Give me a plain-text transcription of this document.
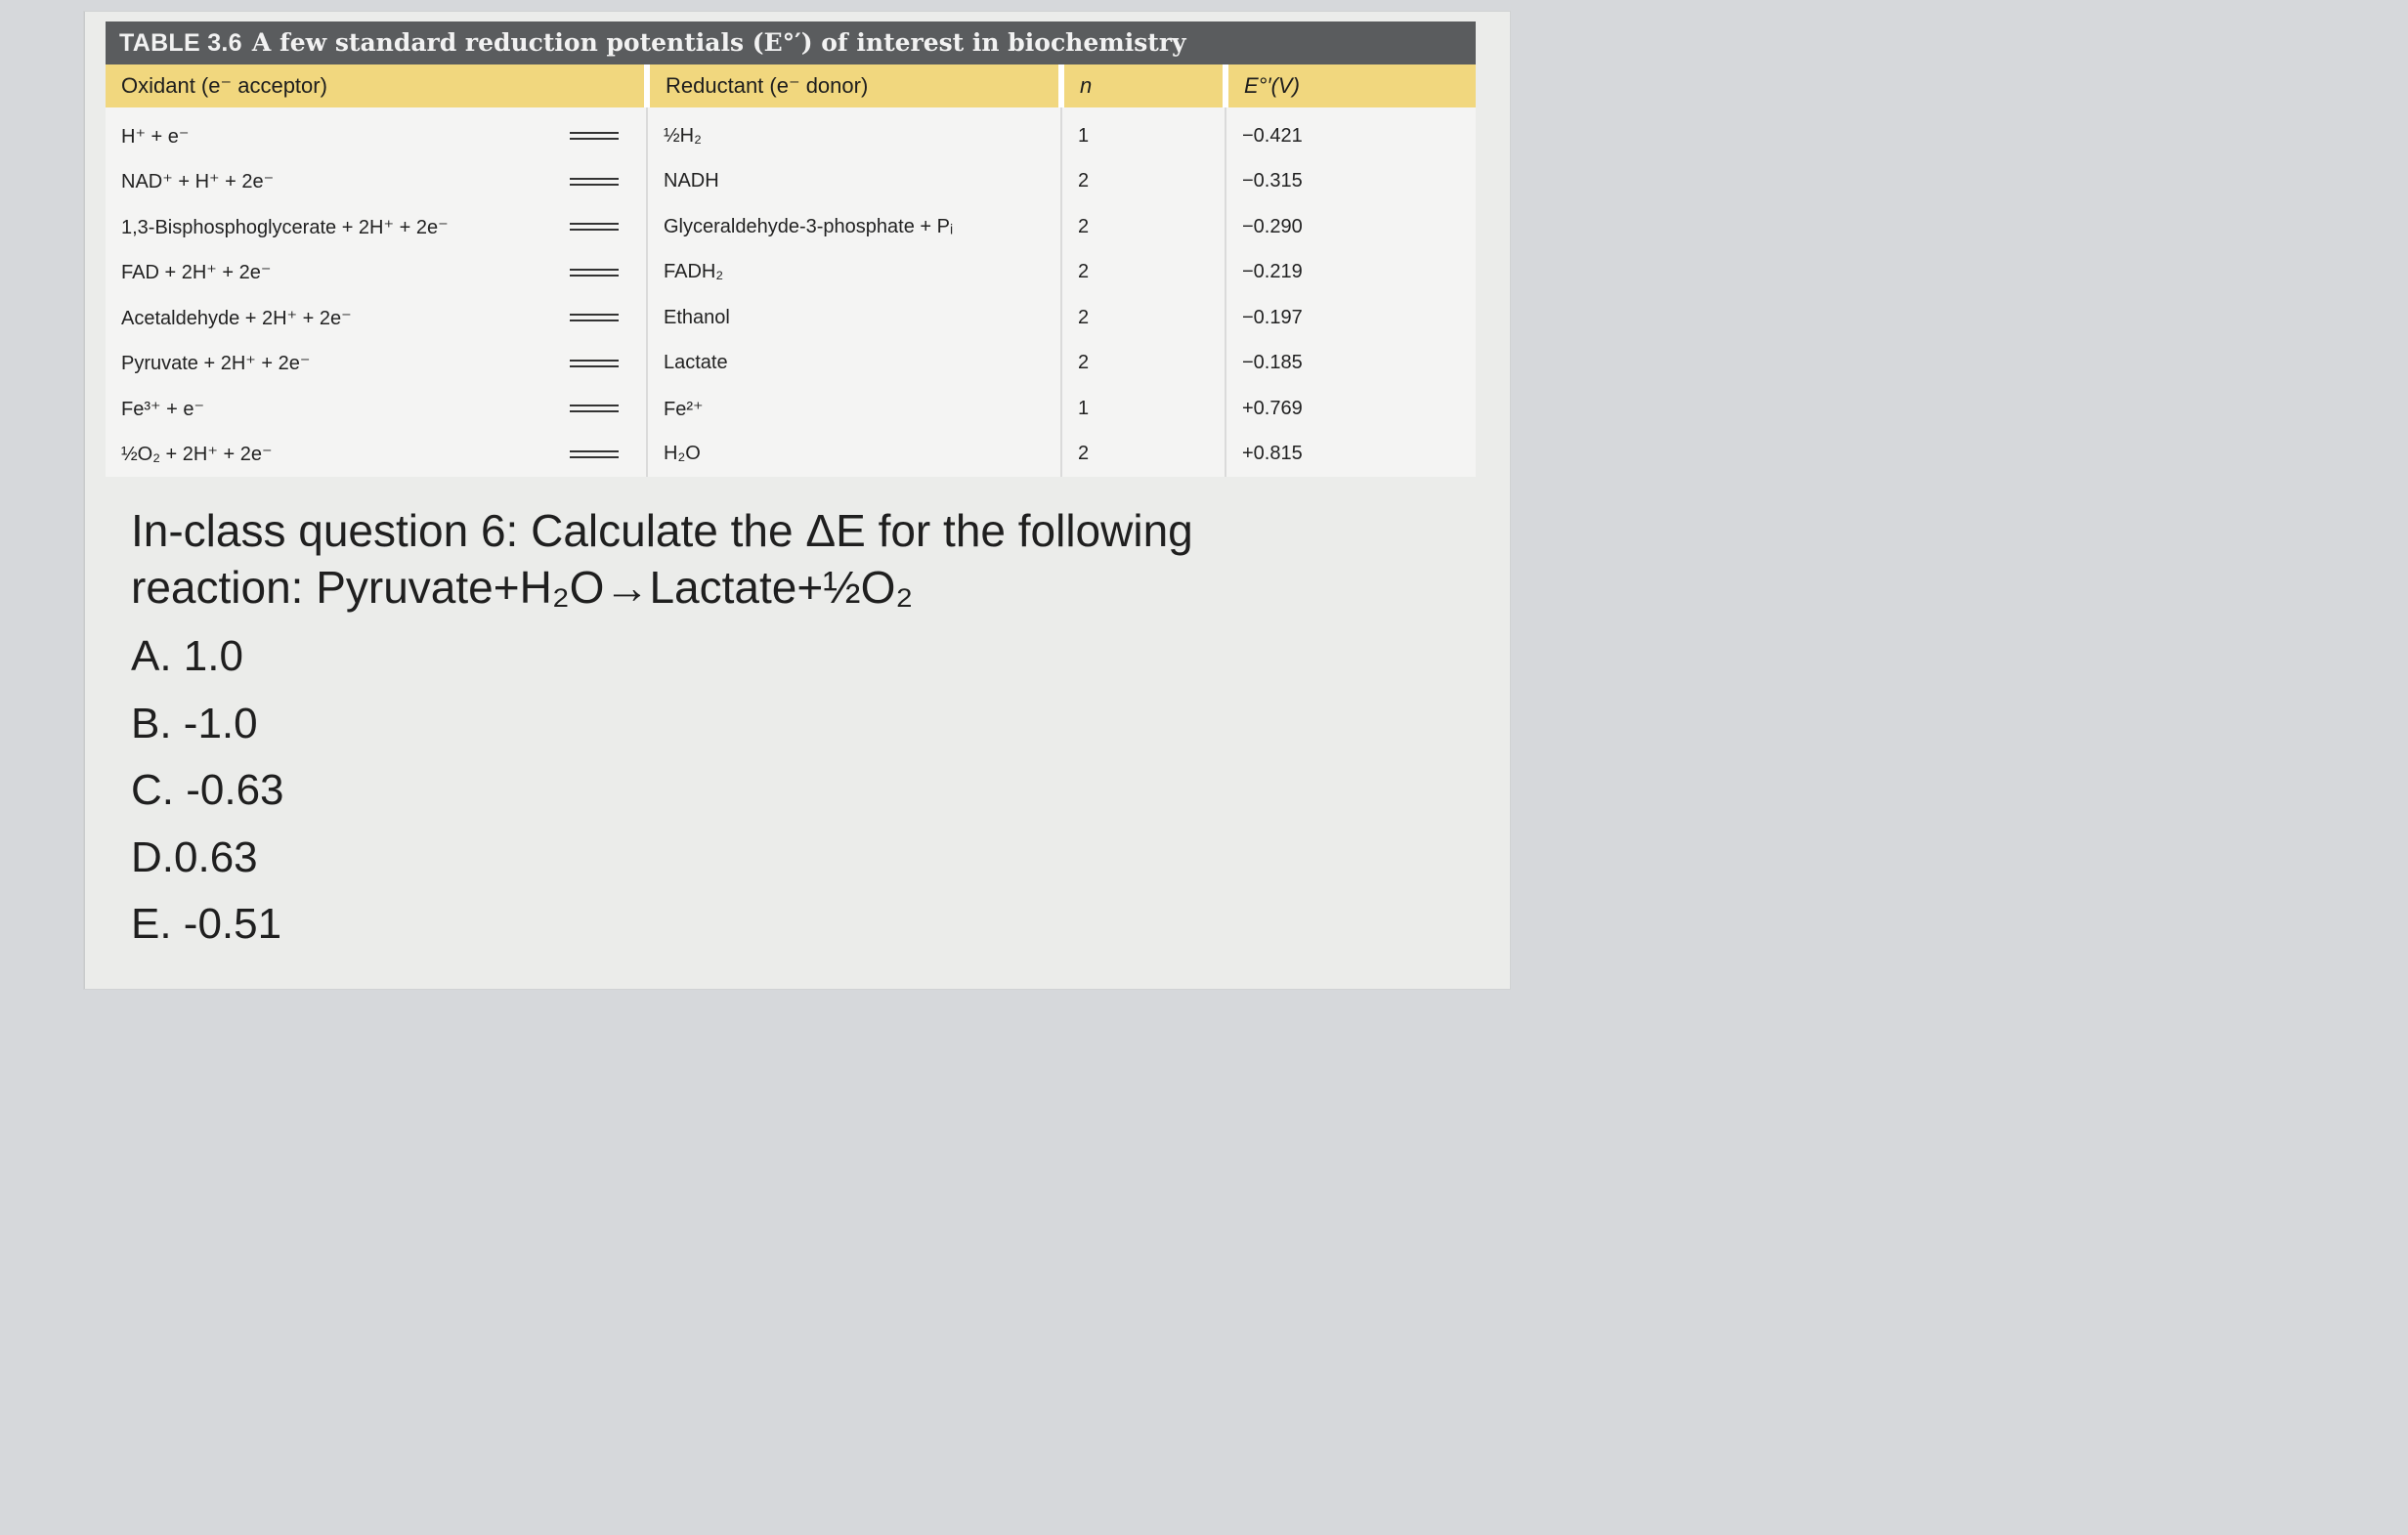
TABLE 3.6 A few standard reduction potentials (E°′) of interest in biochemistry
Oxidant (e⁻ acceptor)		Reductant (e⁻ donor)	n	E°′(V)
H⁺ + e⁻		½H₂	1	−0.421
NAD⁺ + H⁺ + 2e⁻		NADH	2	−0.315
1,3-Bisphosphoglycerate + 2H⁺ + 2e⁻		Glyceraldehyde-3-phosphate + Pᵢ	2	−0.290
FAD + 2H⁺ + 2e⁻		FADH₂	2	−0.219
Acetaldehyde + 2H⁺ + 2e⁻		Ethanol	2	−0.197
Pyruvate + 2H⁺ + 2e⁻		Lactate	2	−0.185
Fe³⁺ + e⁻		Fe²⁺	1	+0.769
½O₂ + 2H⁺ + 2e⁻		H₂O	2	+0.815
In-class question 6: Calculate the ΔE for the following
reaction: Pyruvate+H₂O→Lactate+½O₂
A. 1.0
B. -1.0
C. -0.63
D.0.63
E. -0.51
